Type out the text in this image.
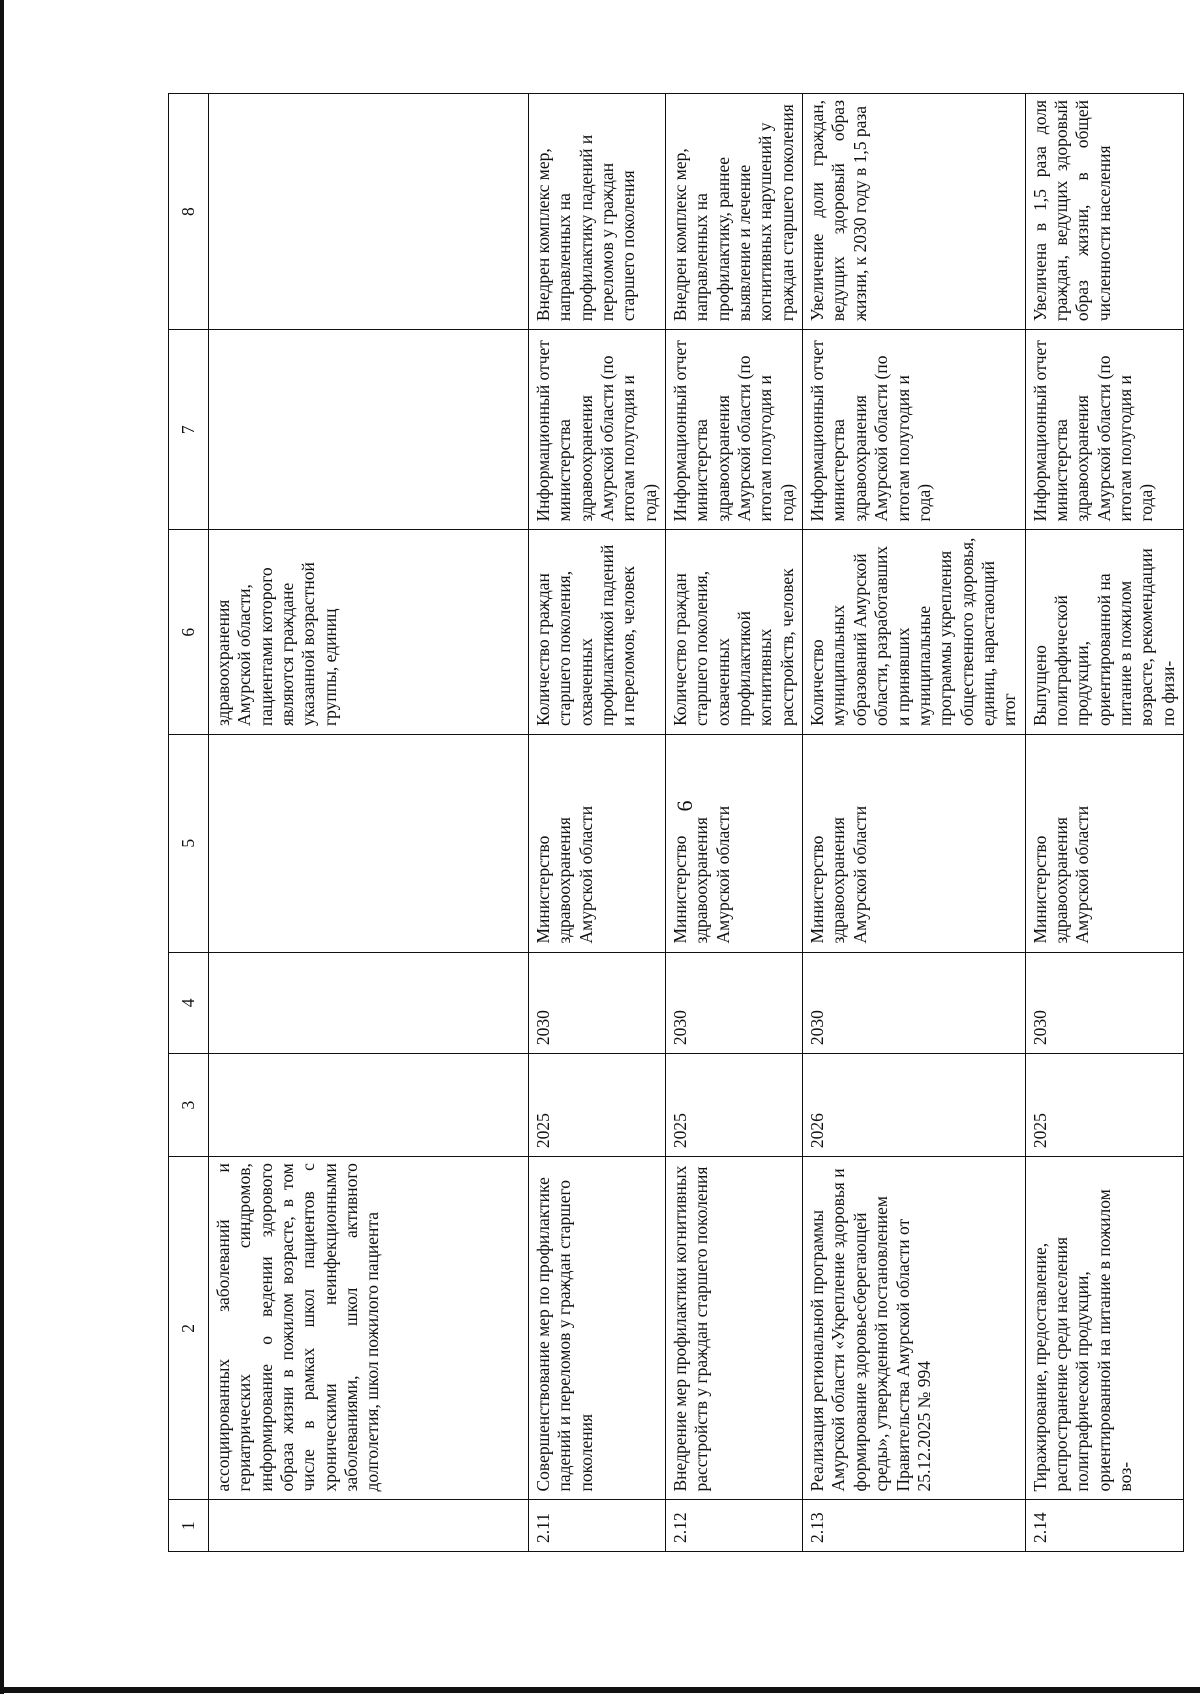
6
1	2	3	4	5	6	7	8
	ассоциированных заболеваний и гериатрических синдромов, информирование о ведении здорового образа жизни в пожилом возрасте, в том числе в рамках школ пациентов с хроническими неинфекционными заболеваниями, школ активного долголетия, школ пожилого пациента				здравоохранения Амурской области, пациентами которого являются граждане указанной возрастной группы, единиц		
2.11	Совершенствование мер по профилактике падений и переломов у граждан старшего поколения	2025	2030	Министерство здравоохранения Амурской области	Количество граждан старшего поколения, охваченных профилактикой падений и переломов, человек	Информационный отчет министерства здравоохранения Амурской области (по итогам полугодия и года)	Внедрен комплекс мер, направленных на профилактику падений и переломов у граждан старшего поколения
2.12	Внедрение мер профилактики когнитивных расстройств у граждан старшего поколения	2025	2030	Министерство здравоохранения Амурской области	Количество граждан старшего поколения, охваченных профилактикой когнитивных расстройств, человек	Информационный отчет министерства здравоохранения Амурской области (по итогам полугодия и года)	Внедрен комплекс мер, направленных на профилактику, раннее выявление и лечение когнитивных нарушений у граждан старшего поколения
2.13	Реализация региональной программы Амурской области «Укрепление здоровья и формирование здоровьесберегающей среды», утвержденной постановлением Правительства Амурской области от 25.12.2025 № 994	2026	2030	Министерство здравоохранения Амурской области	Количество муниципальных образований Амурской области, разработавших и принявших муниципальные программы укрепления общественного здоровья, единиц, нарастающий итог	Информационный отчет министерства здравоохранения Амурской области (по итогам полугодия и года)	Увеличение доли граждан, ведущих здоровый образ жизни, к 2030 году в 1,5 раза
2.14	Тиражирование, предоставление, распространение среди населения полиграфической продукции, ориентированной на питание в пожилом воз-	2025	2030	Министерство здравоохранения Амурской области	Выпущено полиграфической продукции, ориентированной на питание в пожилом возрасте, рекомендации по физи-	Информационный отчет министерства здравоохранения Амурской области (по итогам полугодия и года)	Увеличена в 1,5 раза доля граждан, ведущих здоровый образ жизни, в общей численности населения
